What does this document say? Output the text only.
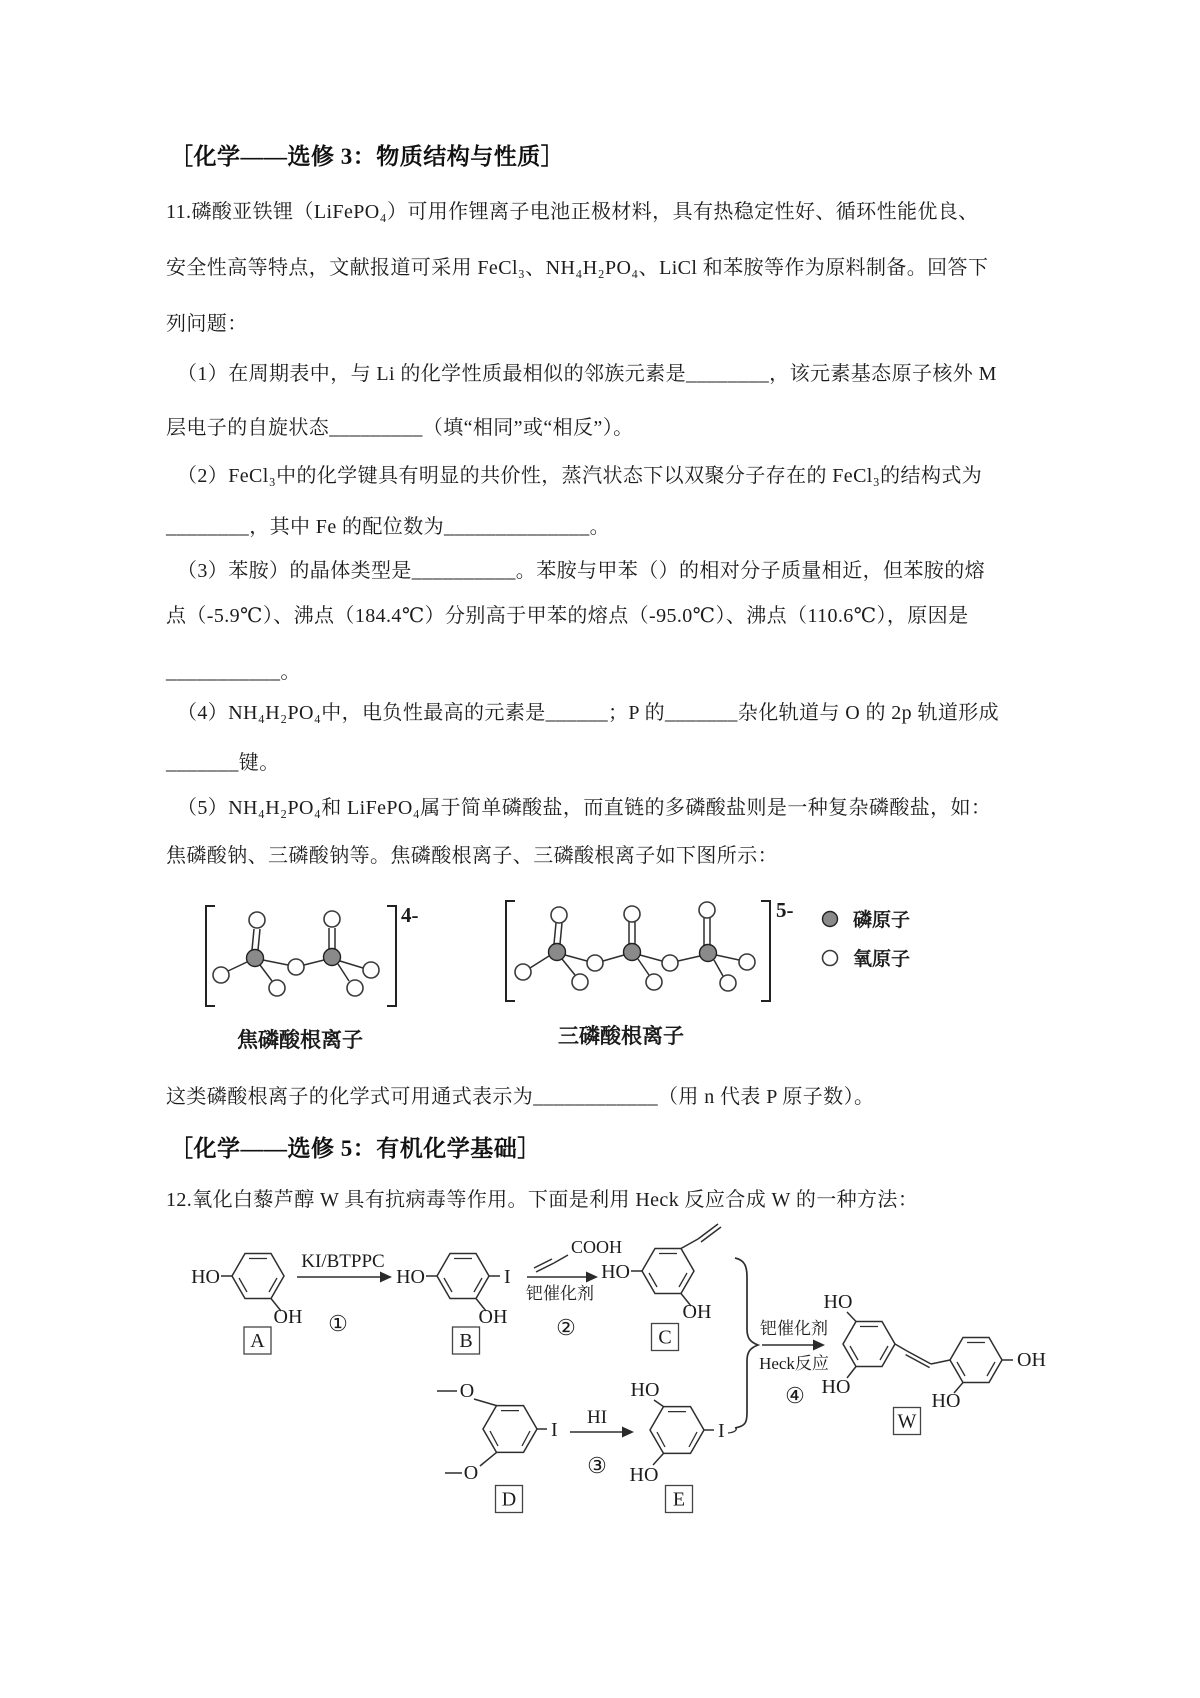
［化学——选修 3：物质结构与性质］
11.磷酸亚铁锂（LiFePO₄）可用作锂离子电池正极材料，具有热稳定性好、循环性能优良、
安全性高等特点，文献报道可采用 FeCl₃、NH₄H₂PO₄、LiCl 和苯胺等作为原料制备。回答下
列问题：
（1）在周期表中，与 Li 的化学性质最相似的邻族元素是________，该元素基态原子核外 M
层电子的自旋状态_________（填“相同”或“相反”）。
（2）FeCl₃中的化学键具有明显的共价性，蒸汽状态下以双聚分子存在的 FeCl₃的结构式为
________，其中 Fe 的配位数为______________。
（3）苯胺）的晶体类型是__________。苯胺与甲苯（）的相对分子质量相近，但苯胺的熔
点（-5.9℃）、沸点（184.4℃）分别高于甲苯的熔点（-95.0℃）、沸点（110.6℃），原因是
___________。
（4）NH₄H₂PO₄中，电负性最高的元素是______；P 的_______杂化轨道与 O 的 2p 轨道形成
_______键。
（5）NH₄H₂PO₄和 LiFePO₄属于简单磷酸盐，而直链的多磷酸盐则是一种复杂磷酸盐，如：
焦磷酸钠、三磷酸钠等。焦磷酸根离子、三磷酸根离子如下图所示：
4-
焦磷酸根离子
5-
三磷酸根离子
磷原子
氧原子
这类磷酸根离子的化学式可用通式表示为____________（用 n 代表 P 原子数）。
［化学——选修 5：有机化学基础］
12.氧化白藜芦醇 W 具有抗病毒等作用。下面是利用 Heck 反应合成 W 的一种方法：
HO
OH
A
KI/BTPPC
①
HO	I
OH
B
COOH
钯催化剂
②
HO
OH
C
O
O
I
D
HI
③
HO
HO
I
E
钯催化剂
Heck反应
④
HO
HO
OH
HO
W
